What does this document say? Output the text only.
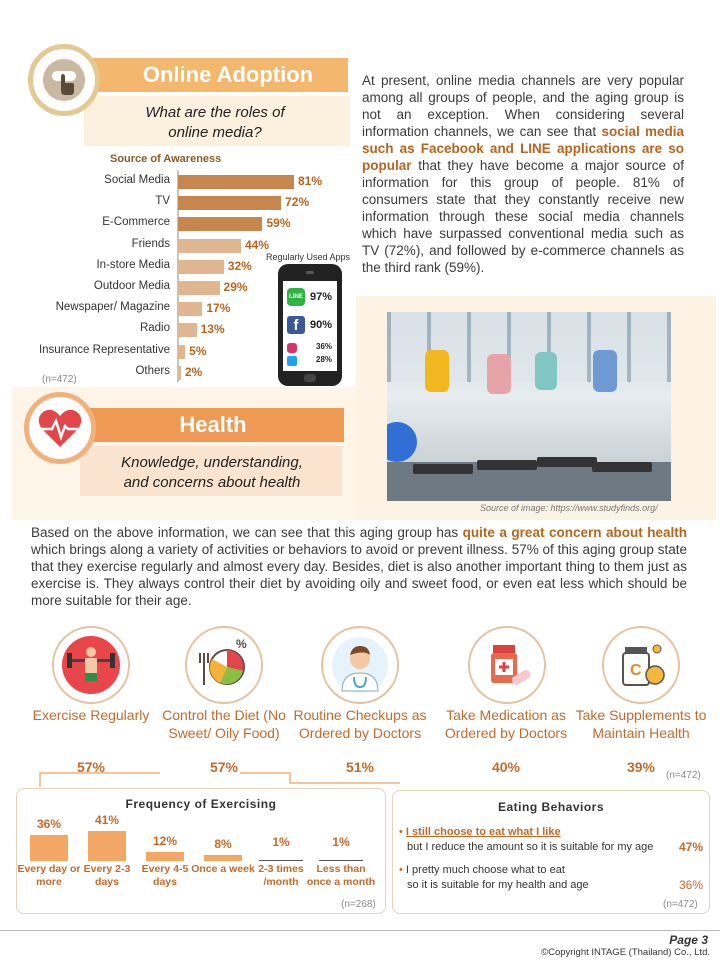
Online Adoption
What are the roles of online media?
Source of Awareness
Social Media	81%
TV	72%
E-Commerce	59%
Friends	44%
In-store Media	32%
Outdoor Media	29%
Newspaper/ Magazine	17%
Radio	13%
Insurance Representative 5%
Others 2%
(n=472)
Regularly Used Apps
LINE 97%
f	90%
36%
28%
At present, online media channels are very popular among all groups of people, and the aging group is not an exception. When considering several information channels, we can see that social media such as Facebook and LINE applications are so popular that they have become a major source of information for this group of people. 81% of consumers state that they constantly receive new information through these social media channels which have surpassed conventional media such as TV (72%), and followed by e-commerce channels as the third rank (59%).
Source of image: https://www.studyfinds.org/
Health
Knowledge, understanding, and concerns about health
Based on the above information, we can see that this aging group has quite a great concern about health which brings along a variety of activities or behaviors to avoid or prevent illness. 57% of this aging group state that they exercise regularly and almost every day. Besides, diet is also another important thing to them just as exercise is. They always control their diet by avoiding oily and sweet food, or even eat less which should be more suitable for their age.
%
C
Exercise Regularly
57%
Control the Diet (No Sweet/ Oily Food)
57%
Routine Checkups as Ordered by Doctors
51%
Take Medication as Ordered by Doctors
40%
Take Supplements to Maintain Health
39%
(n=472)
Frequency of Exercising
36%
Every day or more
41%
Every 2-3 days
12%
Every 4-5 days
8%
Once a week
1%
2-3 times /month
1%
Less than once a month
(n=268)
Eating Behaviors
• I still choose to eat what I like
but I reduce the amount so it is suitable for my age 47%
• I pretty much choose what to eat
so it is suitable for my health and age	36%
(n=472)
Page 3
©Copyright INTAGE (Thailand) Co., Ltd.
